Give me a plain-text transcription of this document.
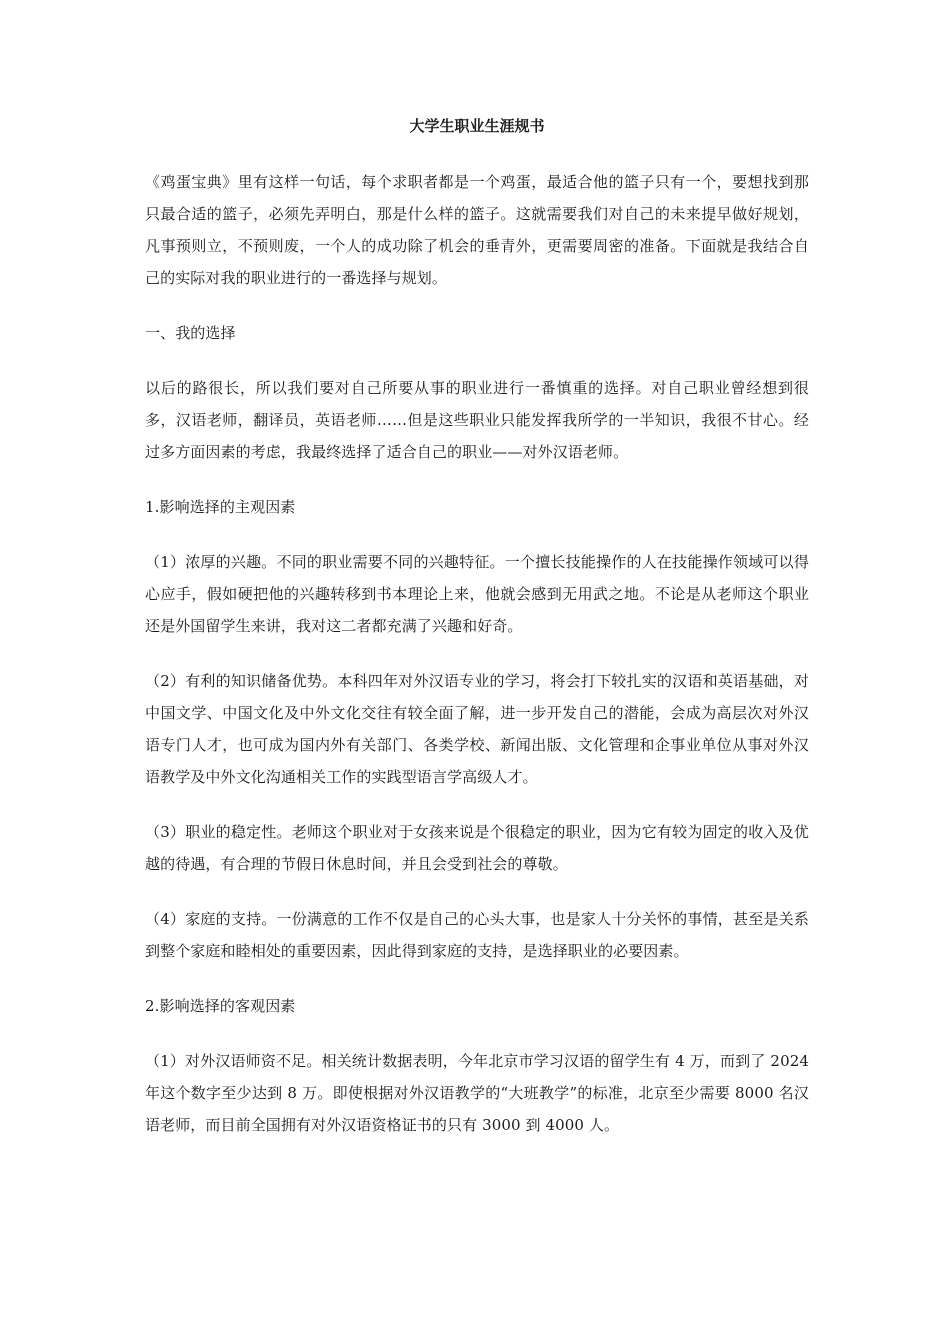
大学生职业生涯规书

《鸡蛋宝典》里有这样一句话，每个求职者都是一个鸡蛋，最适合他的篮子只有一个，要想找到那只最合适的篮子，必须先弄明白，那是什么样的篮子。这就需要我们对自己的未来提早做好规划，凡事预则立，不预则废，一个人的成功除了机会的垂青外，更需要周密的准备。下面就是我结合自己的实际对我的职业进行的一番选择与规划。

一、我的选择

以后的路很长，所以我们要对自己所要从事的职业进行一番慎重的选择。对自己职业曾经想到很多，汉语老师，翻译员，英语老师……但是这些职业只能发挥我所学的一半知识，我很不甘心。经过多方面因素的考虑，我最终选择了适合自己的职业——对外汉语老师。

1.影响选择的主观因素

（1）浓厚的兴趣。不同的职业需要不同的兴趣特征。一个擅长技能操作的人在技能操作领域可以得心应手，假如硬把他的兴趣转移到书本理论上来，他就会感到无用武之地。不论是从老师这个职业还是外国留学生来讲，我对这二者都充满了兴趣和好奇。

（2）有利的知识储备优势。本科四年对外汉语专业的学习，将会打下较扎实的汉语和英语基础，对中国文学、中国文化及中外文化交往有较全面了解，进一步开发自己的潜能，会成为高层次对外汉语专门人才，也可成为国内外有关部门、各类学校、新闻出版、文化管理和企事业单位从事对外汉语教学及中外文化沟通相关工作的实践型语言学高级人才。

（3）职业的稳定性。老师这个职业对于女孩来说是个很稳定的职业，因为它有较为固定的收入及优越的待遇，有合理的节假日休息时间，并且会受到社会的尊敬。

（4）家庭的支持。一份满意的工作不仅是自己的心头大事，也是家人十分关怀的事情，甚至是关系到整个家庭和睦相处的重要因素，因此得到家庭的支持，是选择职业的必要因素。

2.影响选择的客观因素

（1）对外汉语师资不足。相关统计数据表明，今年北京市学习汉语的留学生有 4 万，而到了 2024 年这个数字至少达到 8 万。即使根据对外汉语教学的“大班教学”的标准，北京至少需要 8000 名汉语老师，而目前全国拥有对外汉语资格证书的只有 3000 到 4000 人。
